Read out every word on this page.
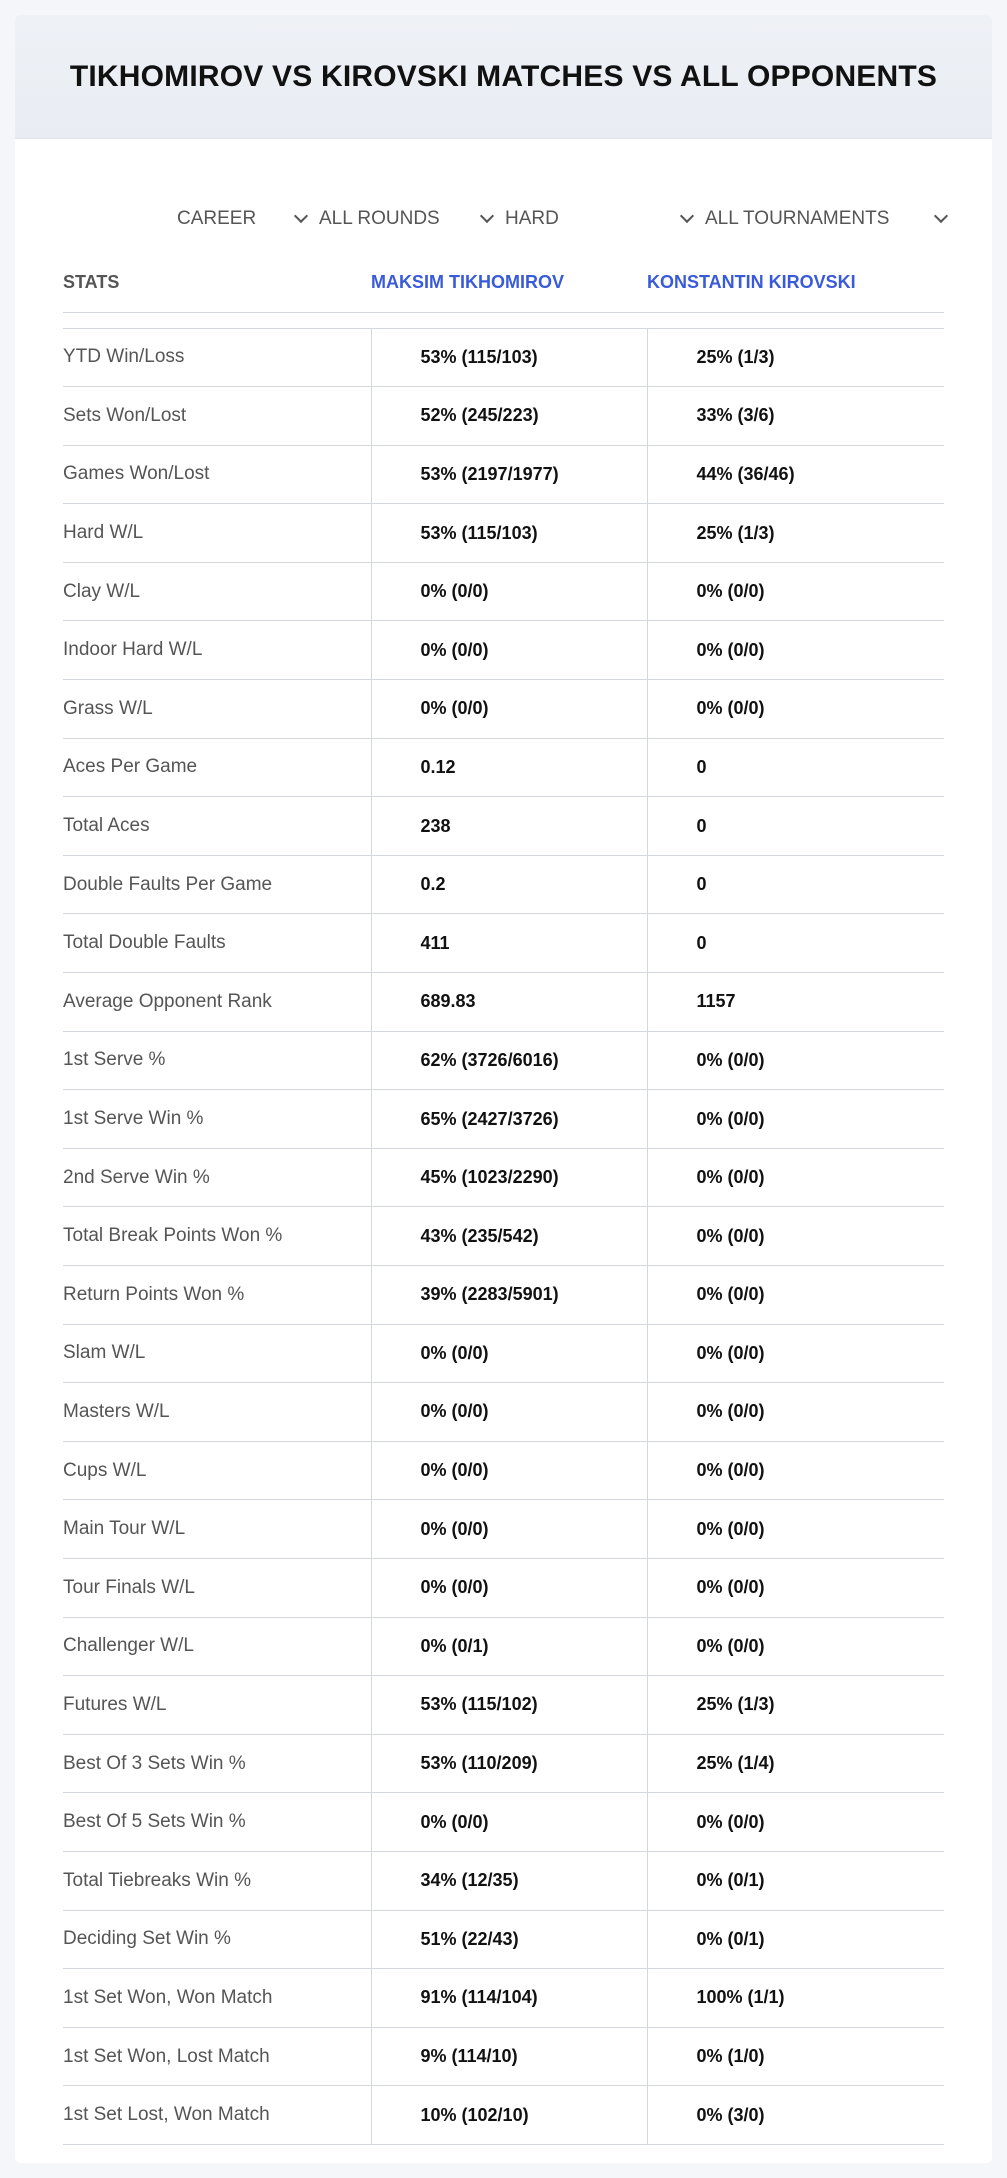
TIKHOMIROV VS KIROVSKI MATCHES VS ALL OPPONENTS
CAREER	ALL ROUNDS	HARD	ALL TOURNAMENTS
STATS	MAKSIM TIKHOMIROV	KONSTANTIN KIROVSKI

YTD Win/Loss	53% (115/103)	25% (1/3)
Sets Won/Lost	52% (245/223)	33% (3/6)
Games Won/Lost	53% (2197/1977)	44% (36/46)
Hard W/L	53% (115/103)	25% (1/3)
Clay W/L	0% (0/0)	0% (0/0)
Indoor Hard W/L	0% (0/0)	0% (0/0)
Grass W/L	0% (0/0)	0% (0/0)
Aces Per Game	0.12	0
Total Aces	238	0
Double Faults Per Game	0.2	0
Total Double Faults	411	0
Average Opponent Rank	689.83	1157
1st Serve %	62% (3726/6016)	0% (0/0)
1st Serve Win %	65% (2427/3726)	0% (0/0)
2nd Serve Win %	45% (1023/2290)	0% (0/0)
Total Break Points Won %	43% (235/542)	0% (0/0)
Return Points Won %	39% (2283/5901)	0% (0/0)
Slam W/L	0% (0/0)	0% (0/0)
Masters W/L	0% (0/0)	0% (0/0)
Cups W/L	0% (0/0)	0% (0/0)
Main Tour W/L	0% (0/0)	0% (0/0)
Tour Finals W/L	0% (0/0)	0% (0/0)
Challenger W/L	0% (0/1)	0% (0/0)
Futures W/L	53% (115/102)	25% (1/3)
Best Of 3 Sets Win %	53% (110/209)	25% (1/4)
Best Of 5 Sets Win %	0% (0/0)	0% (0/0)
Total Tiebreaks Win %	34% (12/35)	0% (0/1)
Deciding Set Win %	51% (22/43)	0% (0/1)
1st Set Won, Won Match	91% (114/104)	100% (1/1)
1st Set Won, Lost Match	9% (114/10)	0% (1/0)
1st Set Lost, Won Match	10% (102/10)	0% (3/0)
